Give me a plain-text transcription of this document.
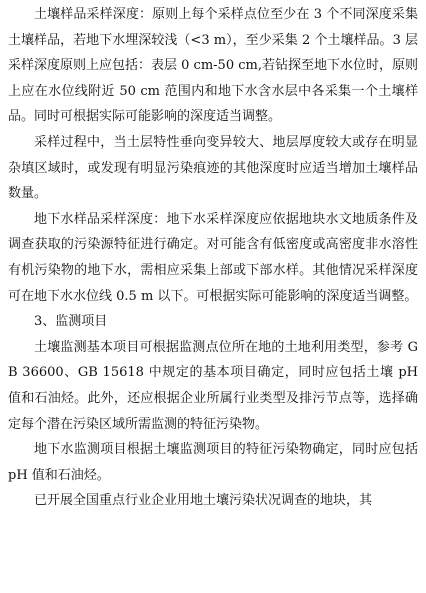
土壤样品采样深度：原则上每个采样点位至少在 3 个不同深度采集土壤样品，若地下水埋深较浅（<3 m），至少采集 2 个土壤样品。3 层采样深度原则上应包括：表层 0 cm-50 cm,若钻探至地下水位时，原则上应在水位线附近 50 cm 范围内和地下水含水层中各采集一个土壤样品。同时可根据实际可能影响的深度适当调整。

采样过程中，当土层特性垂向变异较大、地层厚度较大或存在明显杂填区域时，或发现有明显污染痕迹的其他深度时应适当增加土壤样品数量。

地下水样品采样深度：地下水采样深度应依据地块水文地质条件及调查获取的污染源特征进行确定。对可能含有低密度或高密度非水溶性有机污染物的地下水，需相应采集上部或下部水样。其他情况采样深度可在地下水水位线 0.5 m 以下。可根据实际可能影响的深度适当调整。

3、监测项目

土壤监测基本项目可根据监测点位所在地的土地利用类型，参考 GB 36600、GB 15618 中规定的基本项目确定，同时应包括土壤 pH 值和石油烃。此外，还应根据企业所属行业类型及排污节点等，选择确定每个潜在污染区域所需监测的特征污染物。

地下水监测项目根据土壤监测项目的特征污染物确定，同时应包括 pH 值和石油烃。

已开展全国重点行业企业用地土壤污染状况调查的地块，其
